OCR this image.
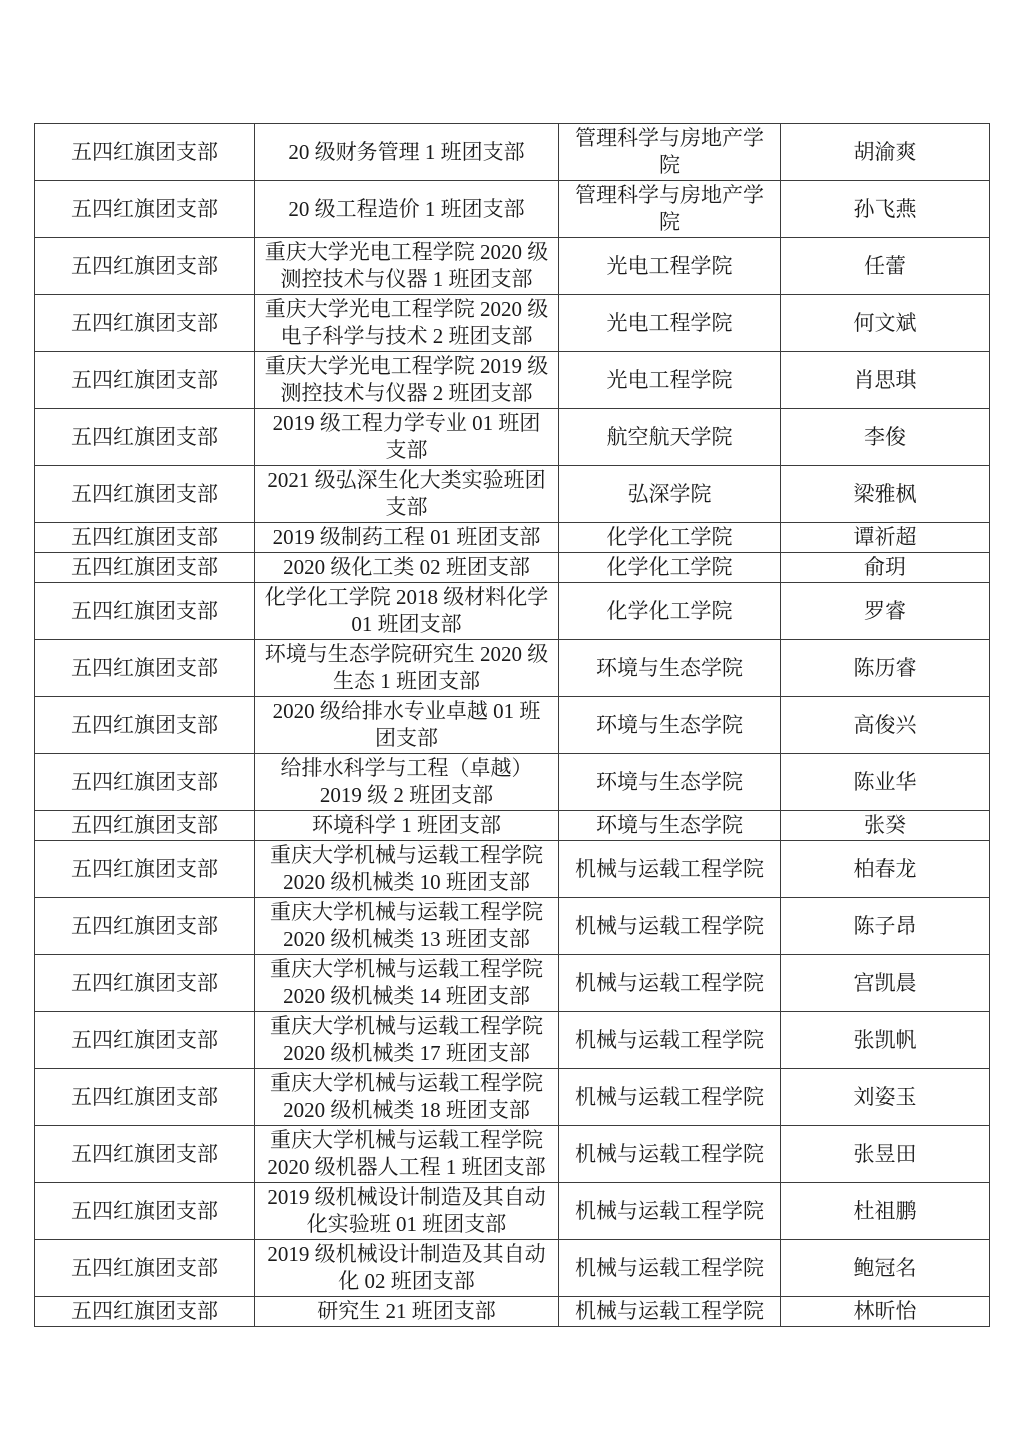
五四红旗团支部	20 级财务管理 1 班团支部	管理科学与房地产学院	胡渝爽
五四红旗团支部	20 级工程造价 1 班团支部	管理科学与房地产学院	孙飞燕
五四红旗团支部	重庆大学光电工程学院 2020 级测控技术与仪器 1 班团支部	光电工程学院	任蕾
五四红旗团支部	重庆大学光电工程学院 2020 级电子科学与技术 2 班团支部	光电工程学院	何文斌
五四红旗团支部	重庆大学光电工程学院 2019 级测控技术与仪器 2 班团支部	光电工程学院	肖思琪
五四红旗团支部	2019 级工程力学专业 01 班团支部	航空航天学院	李俊
五四红旗团支部	2021 级弘深生化大类实验班团支部	弘深学院	梁雅枫
五四红旗团支部	2019 级制药工程 01 班团支部	化学化工学院	谭祈超
五四红旗团支部	2020 级化工类 02 班团支部	化学化工学院	俞玥
五四红旗团支部	化学化工学院 2018 级材料化学 01 班团支部	化学化工学院	罗睿
五四红旗团支部	环境与生态学院研究生 2020 级生态 1 班团支部	环境与生态学院	陈历睿
五四红旗团支部	2020 级给排水专业卓越 01 班团支部	环境与生态学院	高俊兴
五四红旗团支部	给排水科学与工程（卓越）2019 级 2 班团支部	环境与生态学院	陈业华
五四红旗团支部	环境科学 1 班团支部	环境与生态学院	张癸
五四红旗团支部	重庆大学机械与运载工程学院 2020 级机械类 10 班团支部	机械与运载工程学院	柏春龙
五四红旗团支部	重庆大学机械与运载工程学院 2020 级机械类 13 班团支部	机械与运载工程学院	陈子昂
五四红旗团支部	重庆大学机械与运载工程学院 2020 级机械类 14 班团支部	机械与运载工程学院	宫凯晨
五四红旗团支部	重庆大学机械与运载工程学院 2020 级机械类 17 班团支部	机械与运载工程学院	张凯帆
五四红旗团支部	重庆大学机械与运载工程学院 2020 级机械类 18 班团支部	机械与运载工程学院	刘姿玉
五四红旗团支部	重庆大学机械与运载工程学院 2020 级机器人工程 1 班团支部	机械与运载工程学院	张昱田
五四红旗团支部	2019 级机械设计制造及其自动化实验班 01 班团支部	机械与运载工程学院	杜祖鹏
五四红旗团支部	2019 级机械设计制造及其自动化 02 班团支部	机械与运载工程学院	鲍冠名
五四红旗团支部	研究生 21 班团支部	机械与运载工程学院	林昕怡
